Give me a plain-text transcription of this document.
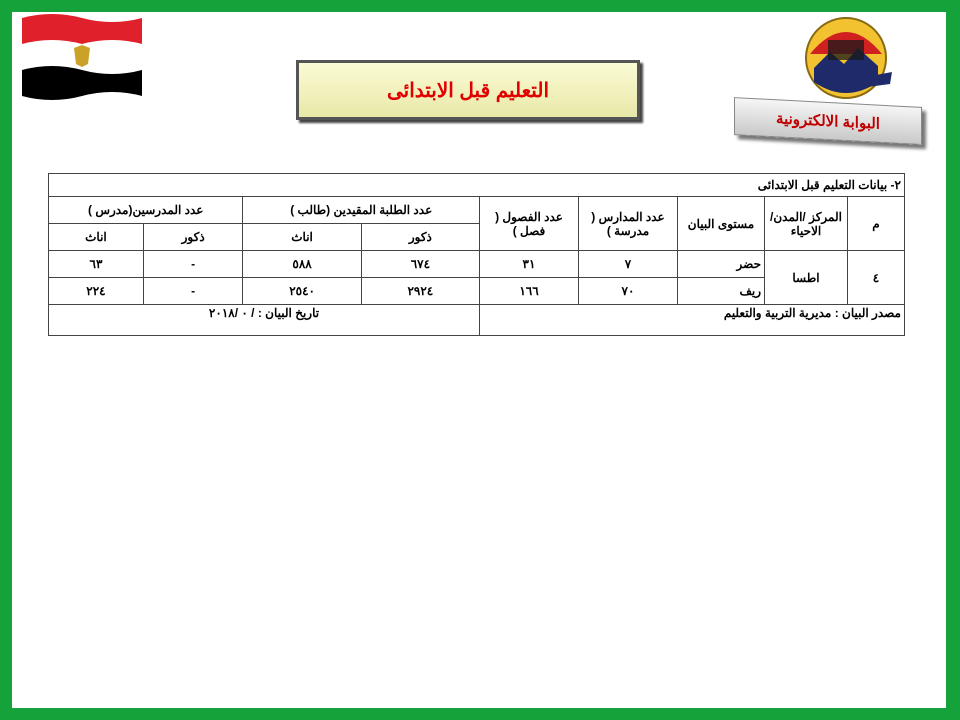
التعليم قبل الابتدائى
البوابة الالكترونية
٢- بيانات التعليم قبل الابتدائى								
م	المركز /المدن/الاحياء	مستوى البيان	عدد المدارس ( مدرسة )	عدد الفصول ( فصل )	عدد الطلبة المقيدين (طالب )		عدد المدرسين(مدرس )	
					ذكور	اناث	ذكور	اناث
٤	اطسا	حضر	٧	٣١	٦٧٤	٥٨٨	-	٦٣
		ريف	٧٠	١٦٦	٢٩٢٤	٢٥٤٠	-	٢٢٤
مصدر البيان : مديرية التربية والتعليم					تاريخ البيان : / ٠ /٢٠١٨			
